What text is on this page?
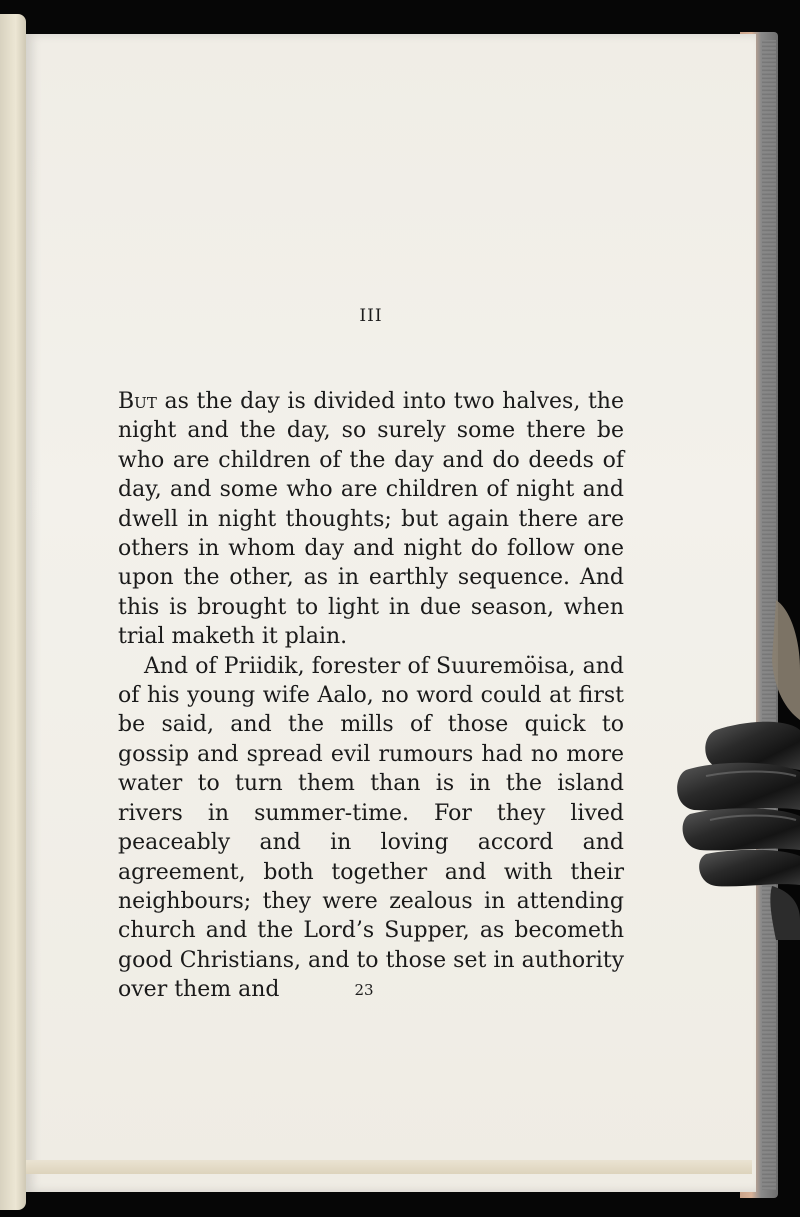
III

But as the day is divided into two halves, the night and the day, so surely some there be who are children of the day and do deeds of day, and some who are children of night and dwell in night thoughts; but again there are others in whom day and night do follow one upon the other, as in earthly sequence. And this is brought to light in due season, when trial maketh it plain.

And of Priidik, forester of Suuremöisa, and of his young wife Aalo, no word could at first be said, and the mills of those quick to gossip and spread evil rumours had no more water to turn them than is in the island rivers in summer-time. For they lived peaceably and in loving accord and agreement, both together and with their neighbours; they were zealous in attending church and the Lord’s Supper, as becometh good Christians, and to those set in authority over them and	23
